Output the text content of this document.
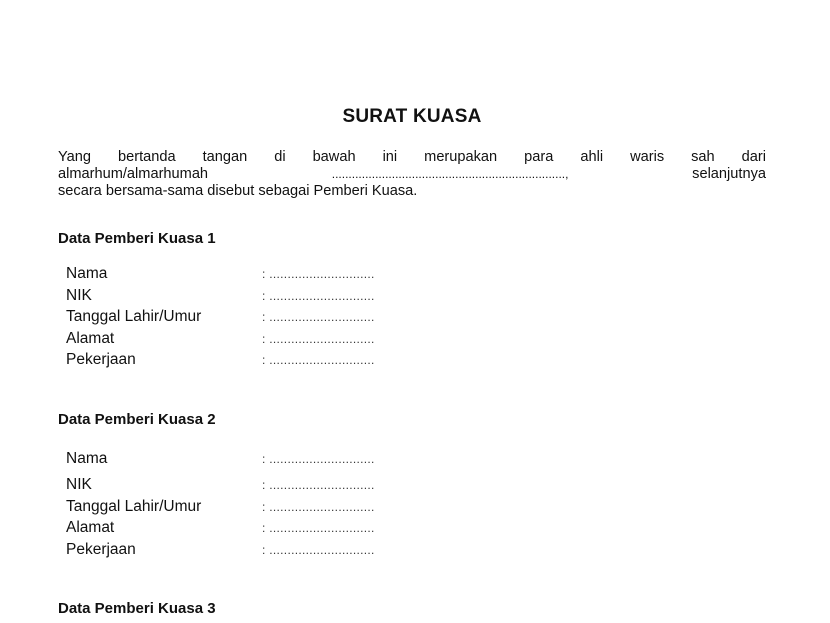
SURAT KUASA
Yang bertanda tangan di bawah ini merupakan para ahli waris sah dari
almarhum/almarhumah	......................................................................,	selanjutnya
secara bersama-sama disebut sebagai Pemberi Kuasa.
Data Pemberi Kuasa 1
Nama	: .............................
NIK	: .............................
Tanggal Lahir/Umur	: .............................
Alamat	: .............................
Pekerjaan	: .............................
Data Pemberi Kuasa 2
Nama	: .............................
NIK	: .............................
Tanggal Lahir/Umur	: .............................
Alamat	: .............................
Pekerjaan	: .............................
Data Pemberi Kuasa 3
